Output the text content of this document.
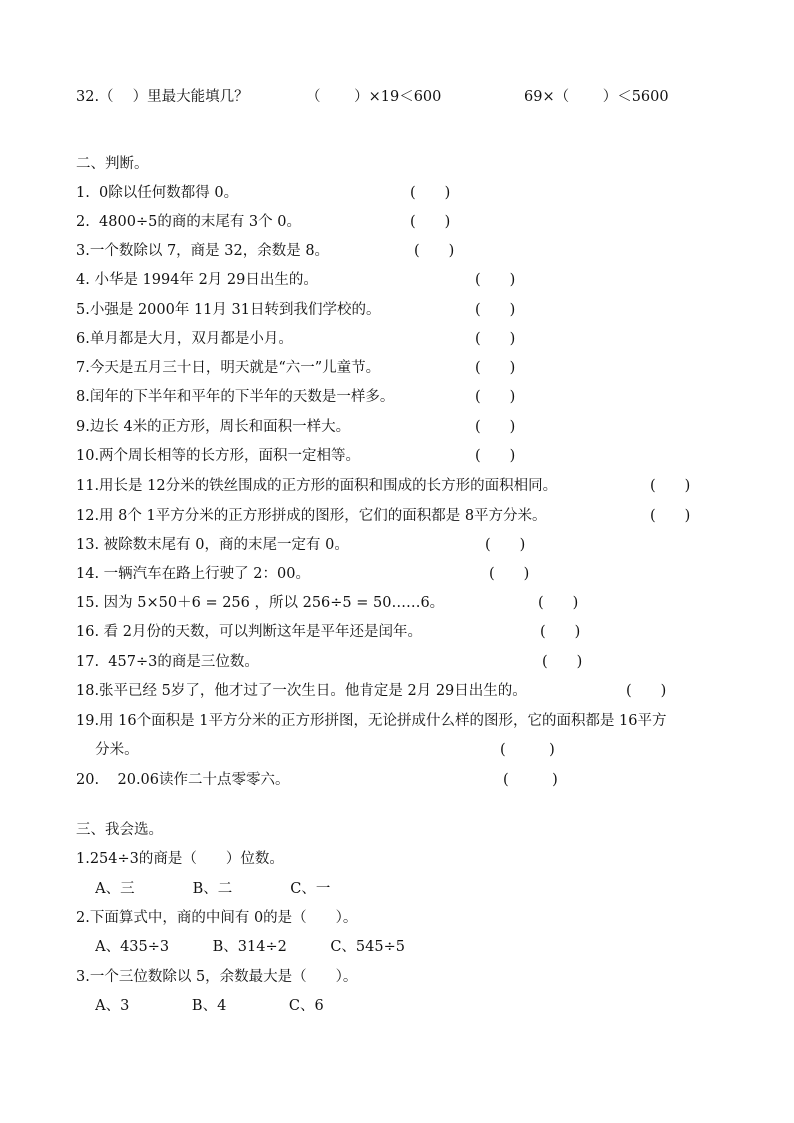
32.（　 ）里最大能填几？	（　　 ）×19＜600	69×（　　 ）＜5600
二、判断。
1.  0除以任何数都得 0。	(　　)
2.  4800÷5的商的末尾有 3个 0。	(　　)
3.一个数除以 7，商是 32，余数是 8。	(　　)
4. 小华是 1994年 2月 29日出生的。	(　　)
5.小强是 2000年 11月 31日转到我们学校的。	(　　)
6.单月都是大月，双月都是小月。	(　　)
7.今天是五月三十日，明天就是“六一”儿童节。	(　　)
8.闰年的下半年和平年的下半年的天数是一样多。	(　　)
9.边长 4米的正方形，周长和面积一样大。	(　　)
10.两个周长相等的长方形，面积一定相等。	(　　)
11.用长是 12分米的铁丝围成的正方形的面积和围成的长方形的面积相同。	(　　)
12.用 8个 1平方分米的正方形拼成的图形，它们的面积都是 8平方分米。	(　　)
13. 被除数末尾有 0，商的末尾一定有 0。	(　　)
14. 一辆汽车在路上行驶了 2：00。	(　　)
15. 因为 5×50＋6 = 256 ，所以 256÷5 = 50……6。	(　　)
16. 看 2月份的天数，可以判断这年是平年还是闰年。	(　　)
17.  457÷3的商是三位数。	(　　)
18.张平已经 5岁了，他才过了一次生日。他肯定是 2月 29日出生的。	(　　)
19.用 16个面积是 1平方分米的正方形拼图，无论拼成什么样的图形，它的面积都是 16平方
　 分米。	(　　　)
20.    20.06读作二十点零零六。	(　　　)
三、我会选。
1.254÷3的商是（　　）位数。
　 A、三　　　　B、二　　　　C、一
2.下面算式中，商的中间有 0的是（　　）。
　 A、435÷3　　　B、314÷2　　　C、545÷5
3.一个三位数除以 5，余数最大是（　　）。
　 A、3　　　　 B、4　　　　 C、6
